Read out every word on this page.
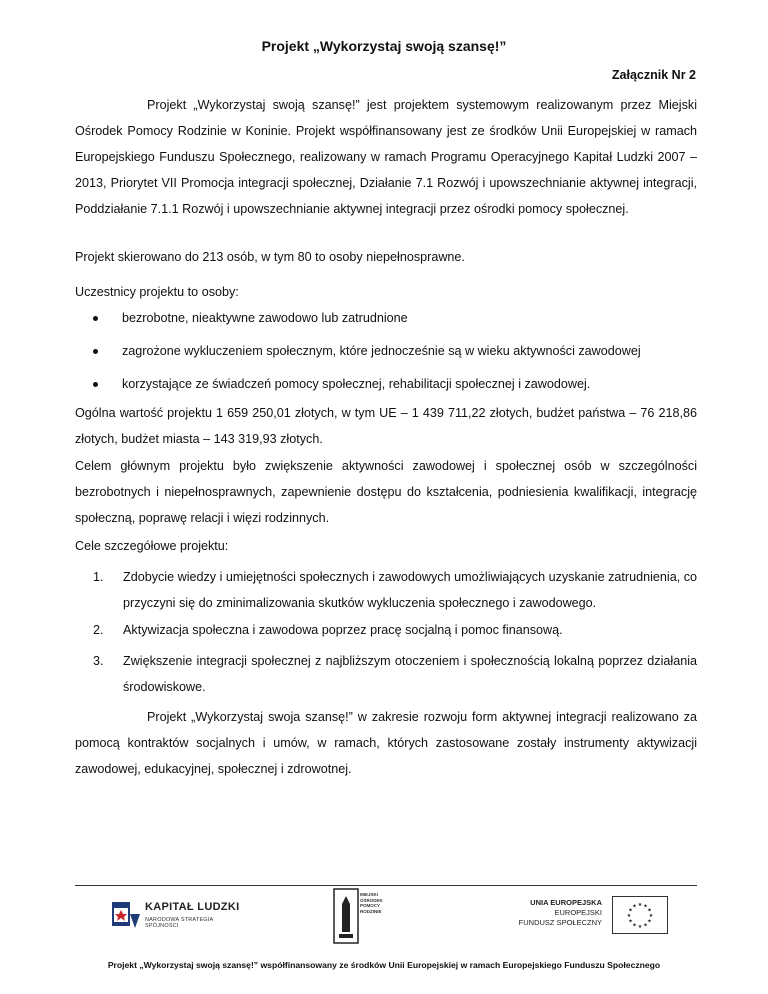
Projekt „Wykorzystaj swoją szansę!”
Załącznik Nr 2

Projekt „Wykorzystaj swoją szansę!” jest projektem systemowym realizowanym przez Miejski Ośrodek Pomocy Rodzinie w Koninie. Projekt współfinansowany jest ze środków Unii Europejskiej w ramach Europejskiego Funduszu Społecznego, realizowany w ramach Programu Operacyjnego Kapitał Ludzki 2007 – 2013, Priorytet VII Promocja integracji społecznej, Działanie 7.1 Rozwój i upowszechnianie aktywnej integracji, Poddziałanie 7.1.1 Rozwój i upowszechnianie aktywnej integracji przez ośrodki pomocy społecznej.

Projekt skierowano do 213 osób, w tym 80 to osoby niepełnosprawne.

Uczestnicy projektu to osoby:

bezrobotne, nieaktywne zawodowo lub zatrudnione
zagrożone wykluczeniem społecznym, które jednocześnie są w wieku aktywności zawodowej
korzystające ze świadczeń pomocy społecznej, rehabilitacji społecznej i zawodowej.

Ogólna wartość projektu 1 659 250,01 złotych, w tym UE – 1 439 711,22 złotych, budżet państwa – 76 218,86 złotych, budżet miasta – 143 319,93 złotych.

Celem głównym projektu było zwiększenie aktywności zawodowej i społecznej osób w szczególności bezrobotnych i niepełnosprawnych, zapewnienie dostępu do kształcenia, podniesienia kwalifikacji, integrację społeczną, poprawę relacji i więzi rodzinnych.

Cele szczegółowe projektu:

1.	Zdobycie wiedzy i umiejętności społecznych i zawodowych umożliwiających uzyskanie zatrudnienia, co przyczyni się do zminimalizowania skutków wykluczenia społecznego i zawodowego.
2.	Aktywizacja społeczna i zawodowa poprzez pracę socjalną i pomoc finansową.
3.	Zwiększenie integracji społecznej z najbliższym otoczeniem i społecznością lokalną poprzez działania środowiskowe.

Projekt „Wykorzystaj swoja szansę!” w zakresie rozwoju form aktywnej integracji realizowano za pomocą kontraktów socjalnych i umów, w ramach, których zastosowane zostały instrumenty aktywizacji zawodowej, edukacyjnej, społecznej i zdrowotnej.

KAPITAŁ LUDZKI
NARODOWA STRATEGIA SPÓJNOŚCI
MIEJSKI
OŚRODEK
POMOCY
RODZINIE
UNIA EUROPEJSKA
EUROPEJSKI
FUNDUSZ SPOŁECZNY
★ ★
★
★
★
★
★
★
★
★
★
★
Projekt „Wykorzystaj swoją szansę!” współfinansowany ze środków Unii Europejskiej w ramach Europejskiego Funduszu Społecznego
